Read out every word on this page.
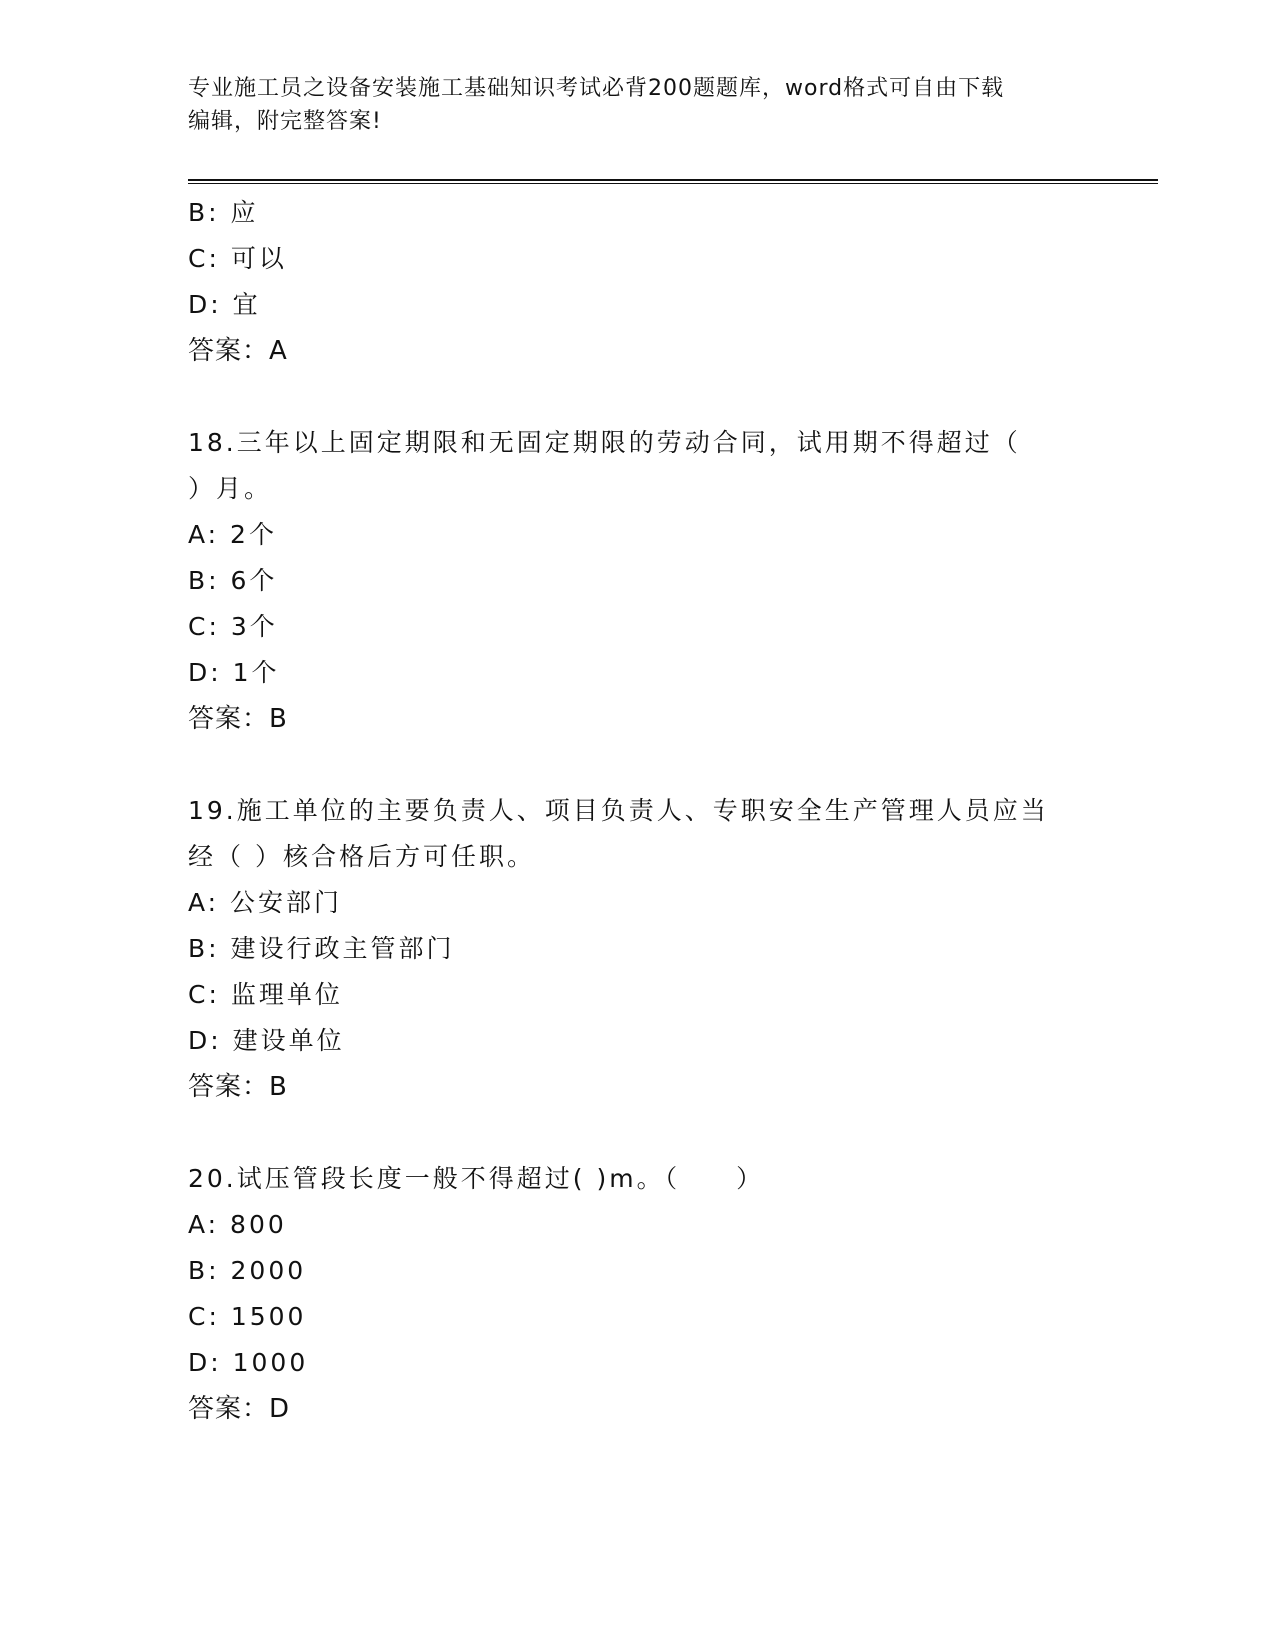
专业施工员之设备安装施工基础知识考试必背200题题库，word格式可自由下载
编辑，附完整答案!
B: 应
C: 可以
D: 宜
答案：A
18.三年以上固定期限和无固定期限的劳动合同，试用期不得超过（
）月。
A: 2个
B: 6个
C: 3个
D: 1个
答案：B
19.施工单位的主要负责人、项目负责人、专职安全生产管理人员应当
经（ ）核合格后方可任职。
A: 公安部门
B: 建设行政主管部门
C: 监理单位
D: 建设单位
答案：B
20.试压管段长度一般不得超过( )m。（　　）
A: 800
B: 2000
C: 1500
D: 1000
答案：D
